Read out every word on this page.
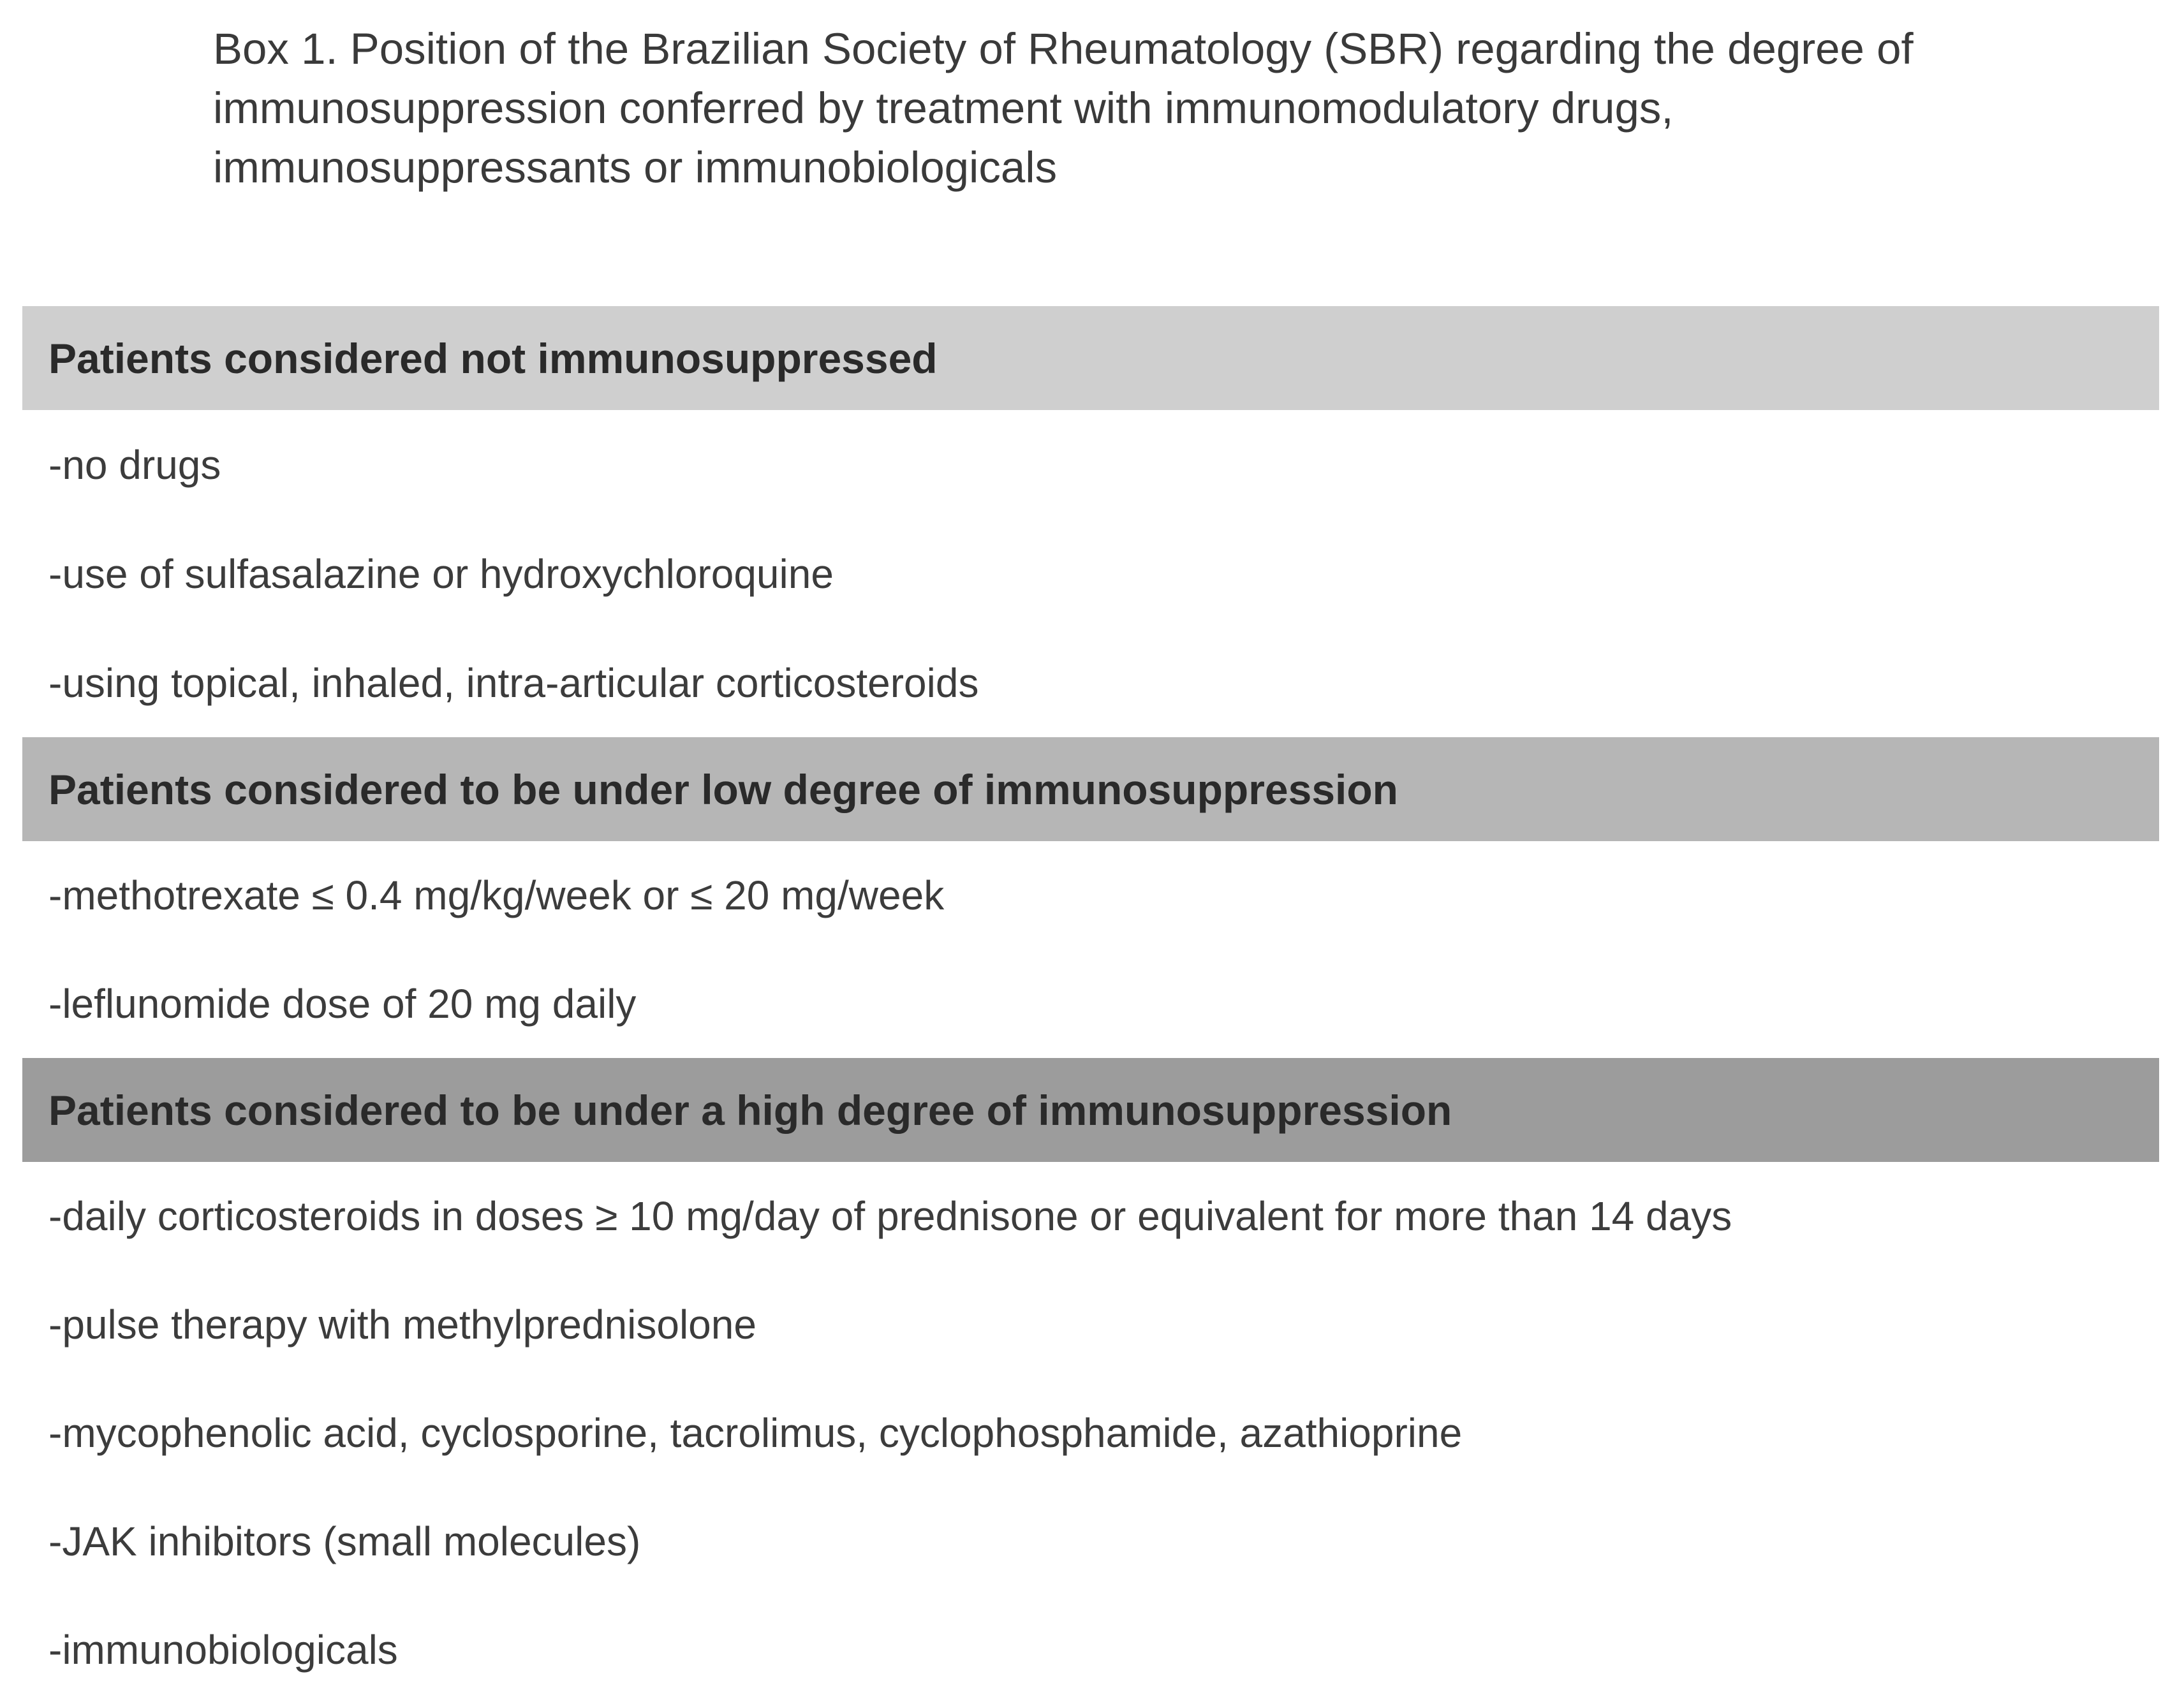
Box 1. Position of the Brazilian Society of Rheumatology (SBR) regarding the degree of immunosuppression conferred by treatment with immunomodulatory drugs, immunosuppressants or immunobiologicals

Patients considered not immunosuppressed
-no drugs
-use of sulfasalazine or hydroxychloroquine
-using topical, inhaled, intra-articular corticosteroids
Patients considered to be under low degree of immunosuppression
-methotrexate ≤ 0.4 mg/kg/week or ≤ 20 mg/week
-leflunomide dose of 20 mg daily
Patients considered to be under a high degree of immunosuppression
-daily corticosteroids in doses ≥ 10 mg/day of prednisone or equivalent for more than 14 days
-pulse therapy with methylprednisolone
-mycophenolic acid, cyclosporine, tacrolimus, cyclophosphamide, azathioprine
-JAK inhibitors (small molecules)
-immunobiologicals
